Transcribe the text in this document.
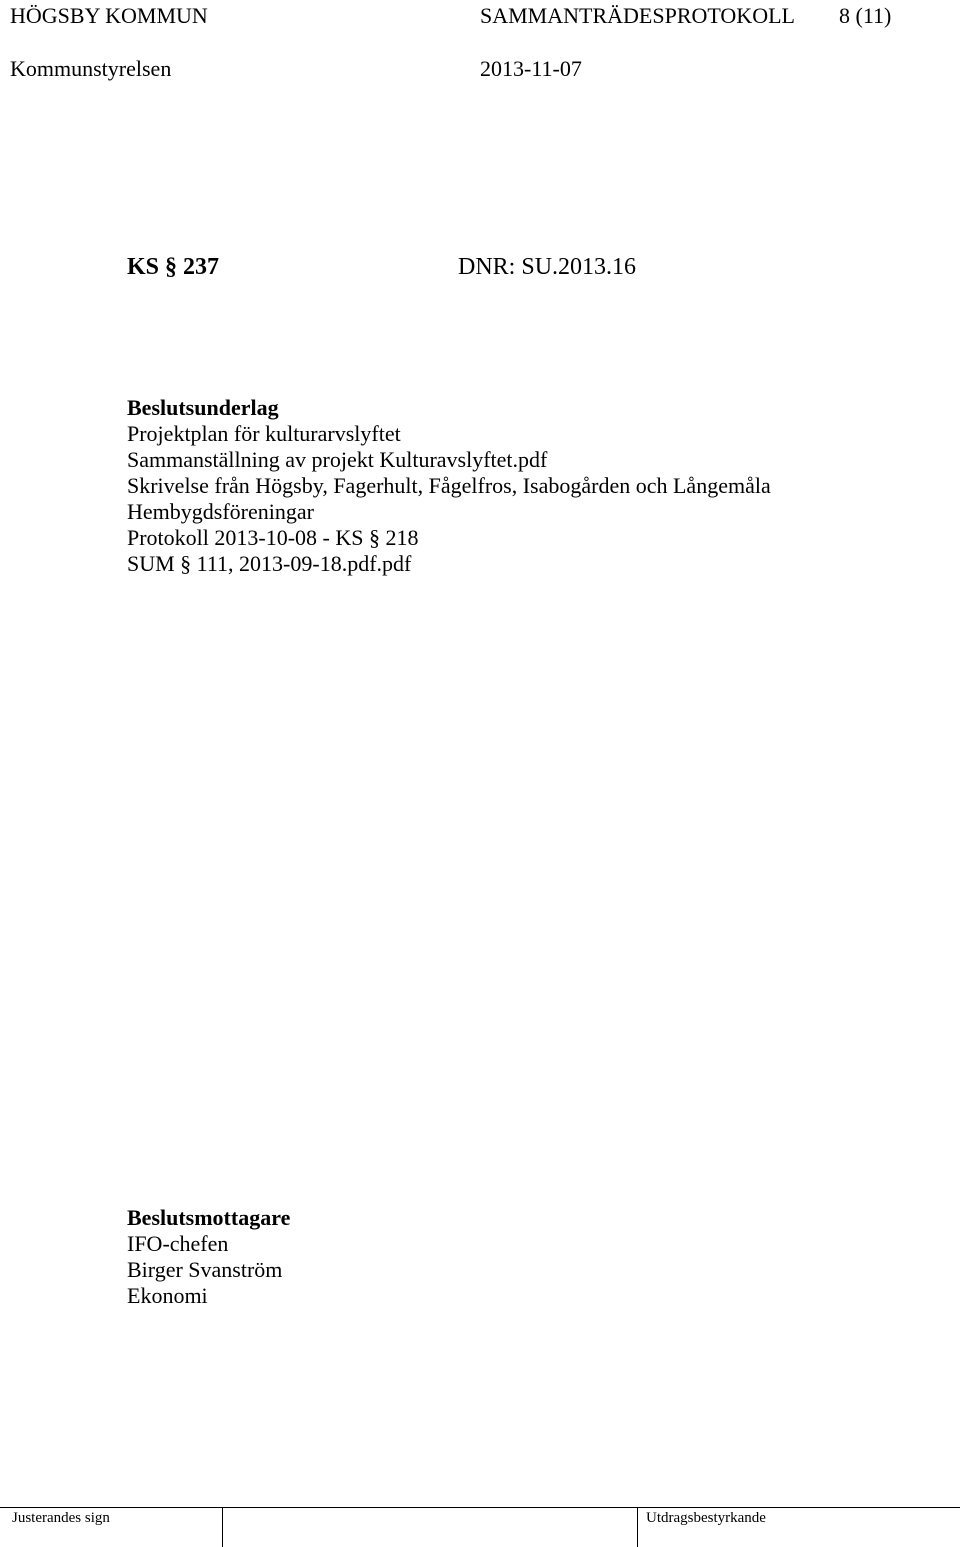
HÖGSBY KOMMUN	SAMMANTRÄDESPROTOKOLL 8 (11)
Kommunstyrelsen	2013-11-07
KS § 237	DNR: SU.2013.16
Beslutsunderlag
Projektplan för kulturarvslyftet
Sammanställning av projekt Kulturavslyftet.pdf
Skrivelse från Högsby, Fagerhult, Fågelfros, Isabogården och Långemåla
Hembygdsföreningar
Protokoll 2013-10-08 - KS § 218
SUM § 111, 2013-09-18.pdf.pdf
Beslutsmottagare
IFO-chefen
Birger Svanström
Ekonomi
Justerandes sign	Utdragsbestyrkande
